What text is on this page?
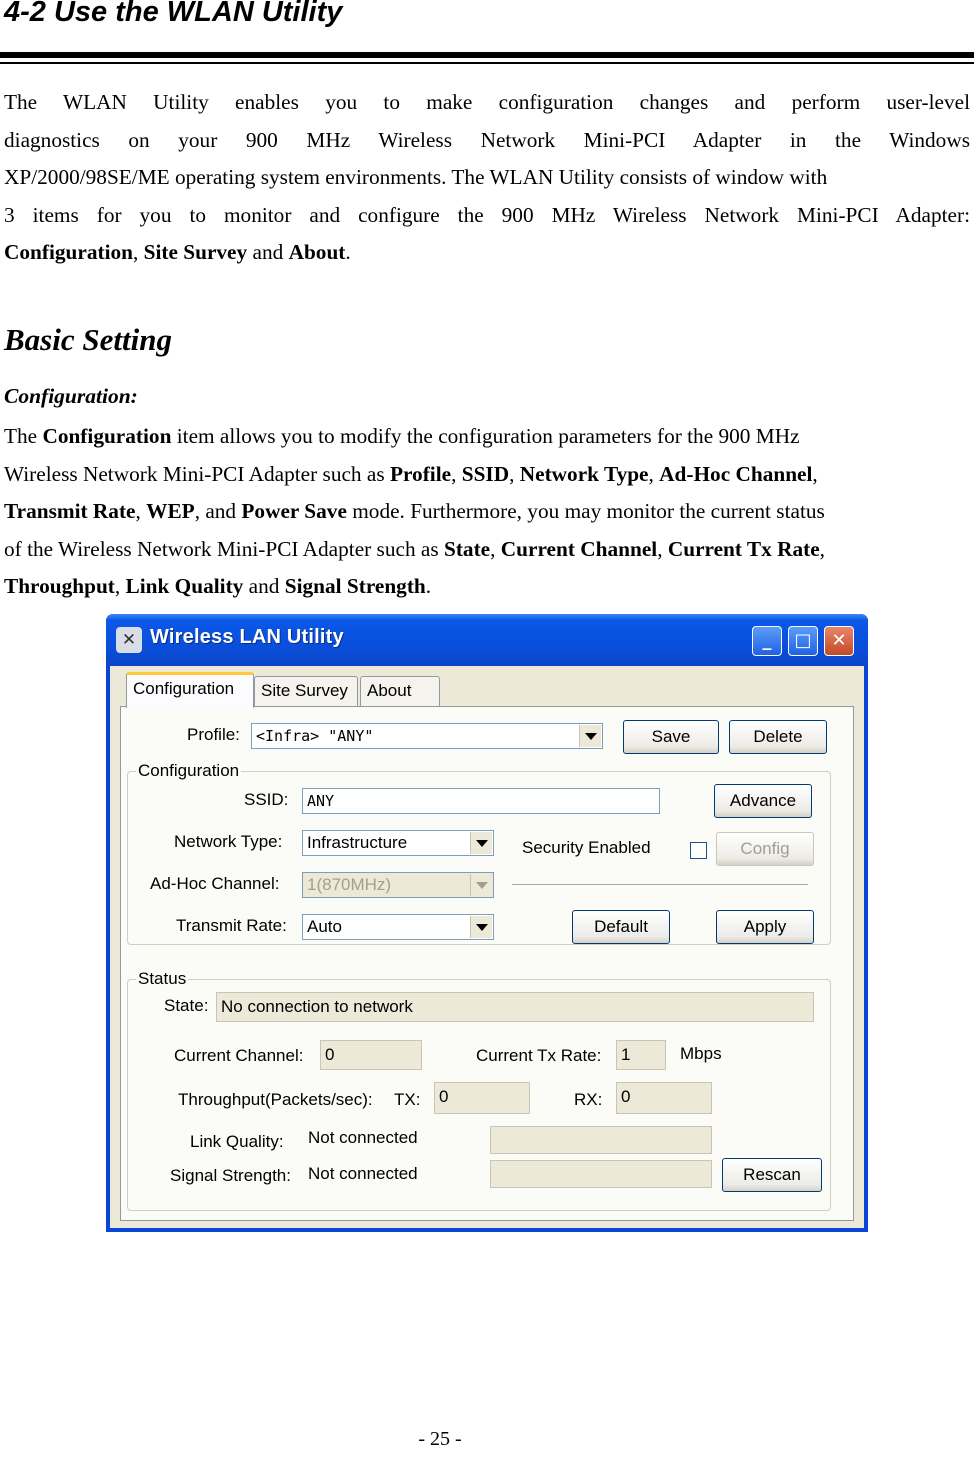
4-2 Use the WLAN Utility
The WLAN Utility enables you to make configuration changes and perform user-level
diagnostics on your 900 MHz Wireless Network Mini-PCI Adapter in the Windows
XP/2000/98SE/ME operating system environments. The WLAN Utility consists of window with
3 items for you to monitor and configure the 900 MHz Wireless Network Mini-PCI Adapter:
Configuration, Site Survey and About.
Basic Setting
Configuration:
The Configuration item allows you to modify the configuration parameters for the 900 MHz
Wireless Network Mini-PCI Adapter such as Profile, SSID, Network Type, Ad-Hoc Channel,
Transmit Rate, WEP, and Power Save mode. Furthermore, you may monitor the current status
of the Wireless Network Mini-PCI Adapter such as State, Current Channel, Current Tx Rate,
Throughput, Link Quality and Signal Strength.
✕ Wireless LAN Utility	_	□	✕
Configuration	Site Survey	About
Profile:	<Infra> "ANY"	Save	Delete
Configuration
SSID:	ANY	Advance
Network Type: Infrastructure	Security Enabled	Config
Ad-Hoc Channel: 1(870MHz)
Transmit Rate: Auto	Default	Apply
Status
State: No connection to network
Current Channel: 0	Current Tx Rate: 1	Mbps
Throughput(Packets/sec): TX: 0	RX: 0
Link Quality: Not connected
Signal Strength: Not connected	Rescan
- 25 -
